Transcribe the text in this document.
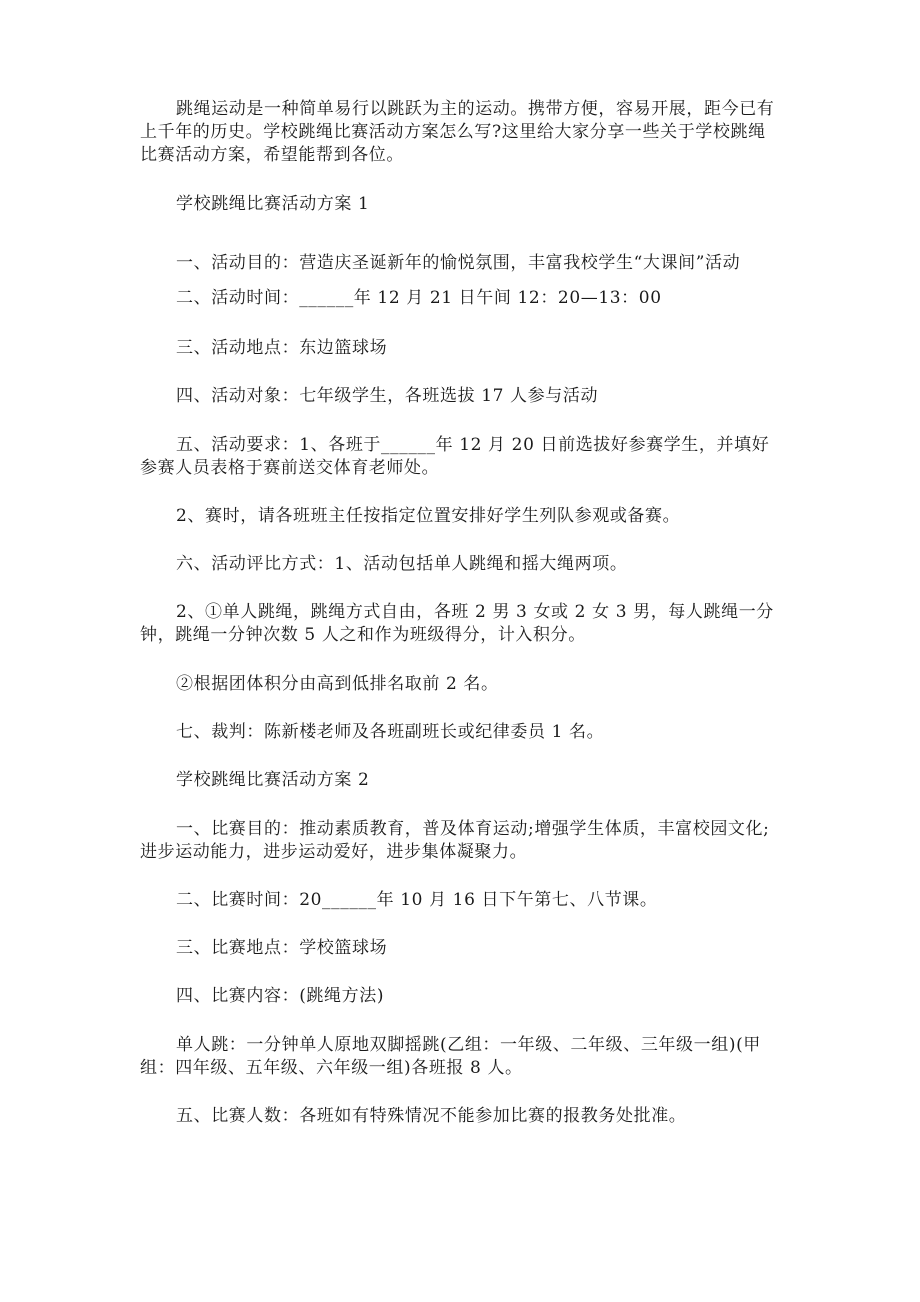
跳绳运动是一种简单易行以跳跃为主的运动。携带方便，容易开展，距今已有上千年的历史。学校跳绳比赛活动方案怎么写?这里给大家分享一些关于学校跳绳比赛活动方案，希望能帮到各位。

学校跳绳比赛活动方案 1

一、活动目的：营造庆圣诞新年的愉悦氛围，丰富我校学生“大课间”活动

二、活动时间：______年 12 月 21 日午间 12：20—13：00

三、活动地点：东边篮球场

四、活动对象：七年级学生，各班选拔 17 人参与活动

五、活动要求：1、各班于______年 12 月 20 日前选拔好参赛学生，并填好参赛人员表格于赛前送交体育老师处。

2、赛时，请各班班主任按指定位置安排好学生列队参观或备赛。

六、活动评比方式：1、活动包括单人跳绳和摇大绳两项。

2、①单人跳绳，跳绳方式自由，各班 2 男 3 女或 2 女 3 男，每人跳绳一分钟，跳绳一分钟次数 5 人之和作为班级得分，计入积分。

②根据团体积分由高到低排名取前 2 名。

七、裁判：陈新楼老师及各班副班长或纪律委员 1 名。

学校跳绳比赛活动方案 2

一、比赛目的：推动素质教育，普及体育运动;增强学生体质，丰富校园文化;进步运动能力，进步运动爱好，进步集体凝聚力。

二、比赛时间：20______年 10 月 16 日下午第七、八节课。

三、比赛地点：学校篮球场

四、比赛内容：(跳绳方法)

单人跳：一分钟单人原地双脚摇跳(乙组：一年级、二年级、三年级一组)(甲组：四年级、五年级、六年级一组)各班报 8 人。

五、比赛人数：各班如有特殊情况不能参加比赛的报教务处批准。
